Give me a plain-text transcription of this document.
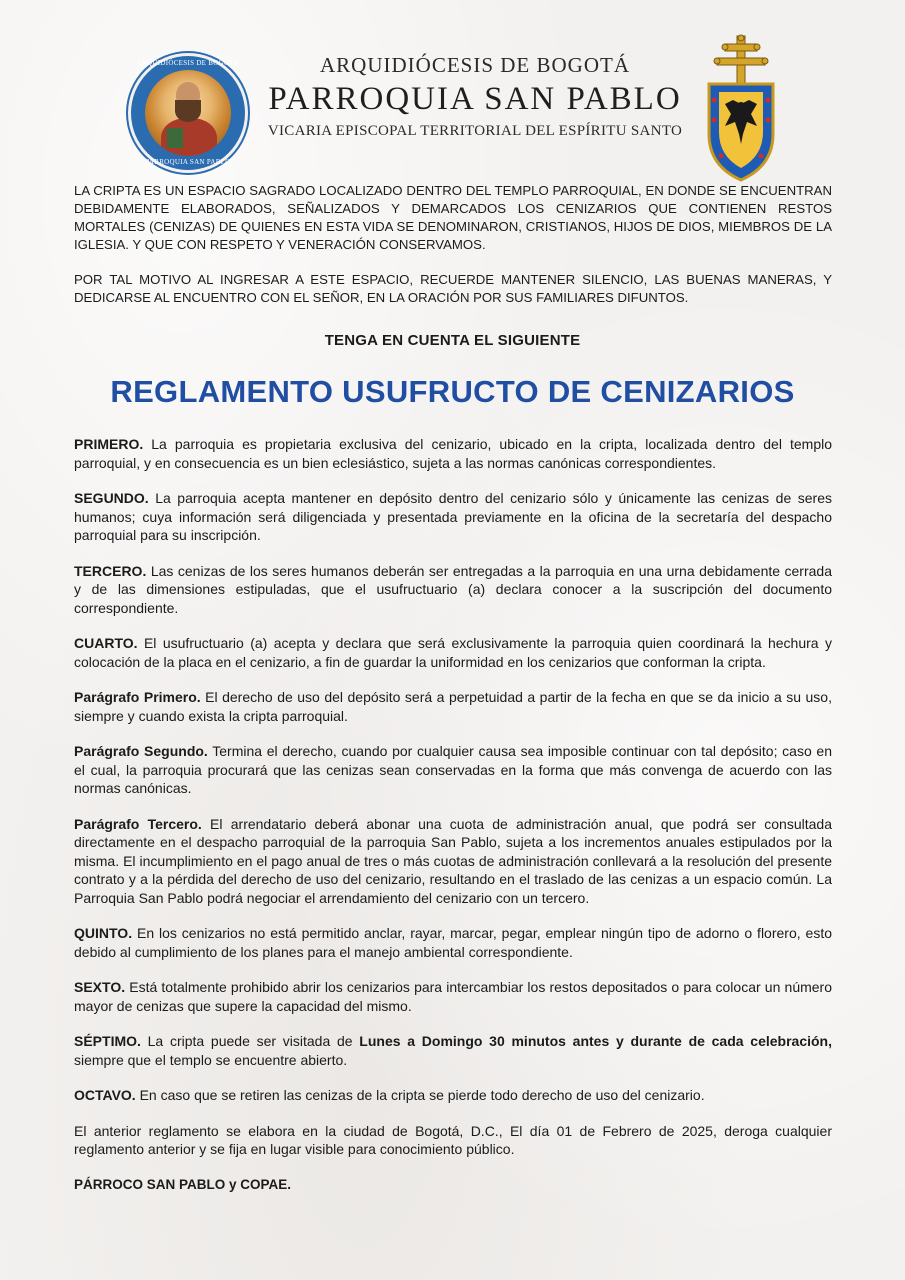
ARQUIDIÓCESIS DE BOGOTÁ
PARROQUIA SAN PABLO
ARQUIDIÓCESIS DE BOGOTÁ
PARROQUIA SAN PABLO
VICARIA EPISCOPAL TERRITORIAL DEL ESPÍRITU SANTO

LA CRIPTA ES UN ESPACIO SAGRADO LOCALIZADO DENTRO DEL TEMPLO PARROQUIAL, EN DONDE SE ENCUENTRAN DEBIDAMENTE ELABORADOS, SEÑALIZADOS Y DEMARCADOS LOS CENIZARIOS QUE CONTIENEN RESTOS MORTALES (CENIZAS) DE QUIENES EN ESTA VIDA SE DENOMINARON, CRISTIANOS, HIJOS DE DIOS, MIEMBROS DE LA IGLESIA. Y QUE CON RESPETO Y VENERACIÓN CONSERVAMOS.

POR TAL MOTIVO AL INGRESAR A ESTE ESPACIO, RECUERDE MANTENER SILENCIO, LAS BUENAS MANERAS, Y DEDICARSE AL ENCUENTRO CON EL SEÑOR, EN LA ORACIÓN POR SUS FAMILIARES DIFUNTOS.

TENGA EN CUENTA EL SIGUIENTE
REGLAMENTO USUFRUCTO DE CENIZARIOS

PRIMERO. La parroquia es propietaria exclusiva del cenizario, ubicado en la cripta, localizada dentro del templo parroquial, y en consecuencia es un bien eclesiástico, sujeta a las normas canónicas correspondientes.

SEGUNDO. La parroquia acepta mantener en depósito dentro del cenizario sólo y únicamente las cenizas de seres humanos; cuya información será diligenciada y presentada previamente en la oficina de la secretaría del despacho parroquial para su inscripción.

TERCERO. Las cenizas de los seres humanos deberán ser entregadas a la parroquia en una urna debidamente cerrada y de las dimensiones estipuladas, que el usufructuario (a) declara conocer a la suscripción del documento correspondiente.

CUARTO. El usufructuario (a) acepta y declara que será exclusivamente la parroquia quien coordinará la hechura y colocación de la placa en el cenizario, a fin de guardar la uniformidad en los cenizarios que conforman la cripta.

Parágrafo Primero. El derecho de uso del depósito será a perpetuidad a partir de la fecha en que se da inicio a su uso, siempre y cuando exista la cripta parroquial.

Parágrafo Segundo. Termina el derecho, cuando por cualquier causa sea imposible continuar con tal depósito; caso en el cual, la parroquia procurará que las cenizas sean conservadas en la forma que más convenga de acuerdo con las normas canónicas.

Parágrafo Tercero. El arrendatario deberá abonar una cuota de administración anual, que podrá ser consultada directamente en el despacho parroquial de la parroquia San Pablo, sujeta a los incrementos anuales estipulados por la misma. El incumplimiento en el pago anual de tres o más cuotas de administración conllevará a la resolución del presente contrato y a la pérdida del derecho de uso del cenizario, resultando en el traslado de las cenizas a un espacio común. La Parroquia San Pablo podrá negociar el arrendamiento del cenizario con un tercero.

QUINTO. En los cenizarios no está permitido anclar, rayar, marcar, pegar, emplear ningún tipo de adorno o florero, esto debido al cumplimiento de los planes para el manejo ambiental correspondiente.

SEXTO. Está totalmente prohibido abrir los cenizarios para intercambiar los restos depositados o para colocar un número mayor de cenizas que supere la capacidad del mismo.

SÉPTIMO. La cripta puede ser visitada de Lunes a Domingo 30 minutos antes y durante de cada celebración, siempre que el templo se encuentre abierto.

OCTAVO. En caso que se retiren las cenizas de la cripta se pierde todo derecho de uso del cenizario.

El anterior reglamento se elabora en la ciudad de Bogotá, D.C., El día 01 de Febrero de 2025, deroga cualquier reglamento anterior y se fija en lugar visible para conocimiento público.

PÁRROCO SAN PABLO y COPAE.
